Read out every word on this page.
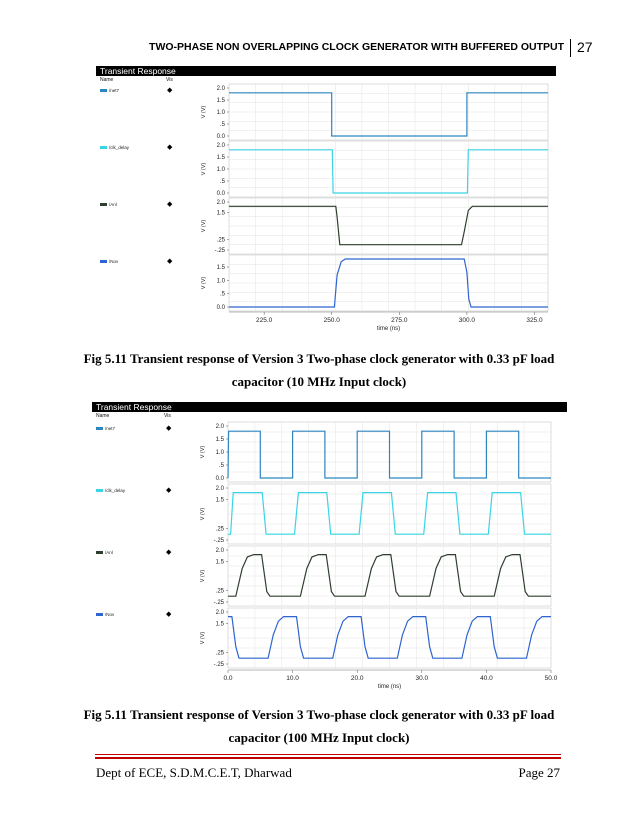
TWO-PHASE NON OVERLAPPING CLOCK GENERATOR WITH BUFFERED OUTPUT 27
Transient Response
Name	Vis
2.0
1.5
1.0
.5
0.0
V (V)
2.0
1.5
1.0
.5
0.0
V (V)
2.0
1.5
.25
-.25
V (V)
1.5
1.0
.5
0.0
V (V)
225.0	250.0	275.0	300.0	325.0
time (ns)
/net7	◆
/clk_delay	◆
/Anl	◆
/Nov	◆
Fig 5.11 Transient response of Version 3 Two-phase clock generator with 0.33 pF load
capacitor (10 MHz Input clock)
Transient Response
Name	Vis
2.0
1.5
1.0
.5
0.0
V (V)
2.0
1.5
.25
-.25
V (V)
2.0
1.5
.25
-.25
V (V)
2.0
1.5
.25
-.25
V (V)
0.0	10.0	20.0	30.0	40.0	50.0
time (ns)
/net7	◆
/clk_delay	◆
/Anl	◆
/Nov	◆
Fig 5.11 Transient response of Version 3 Two-phase clock generator with 0.33 pF load
capacitor (100 MHz Input clock)
Dept of ECE, S.D.M.C.E.T, Dharwad	Page 27
